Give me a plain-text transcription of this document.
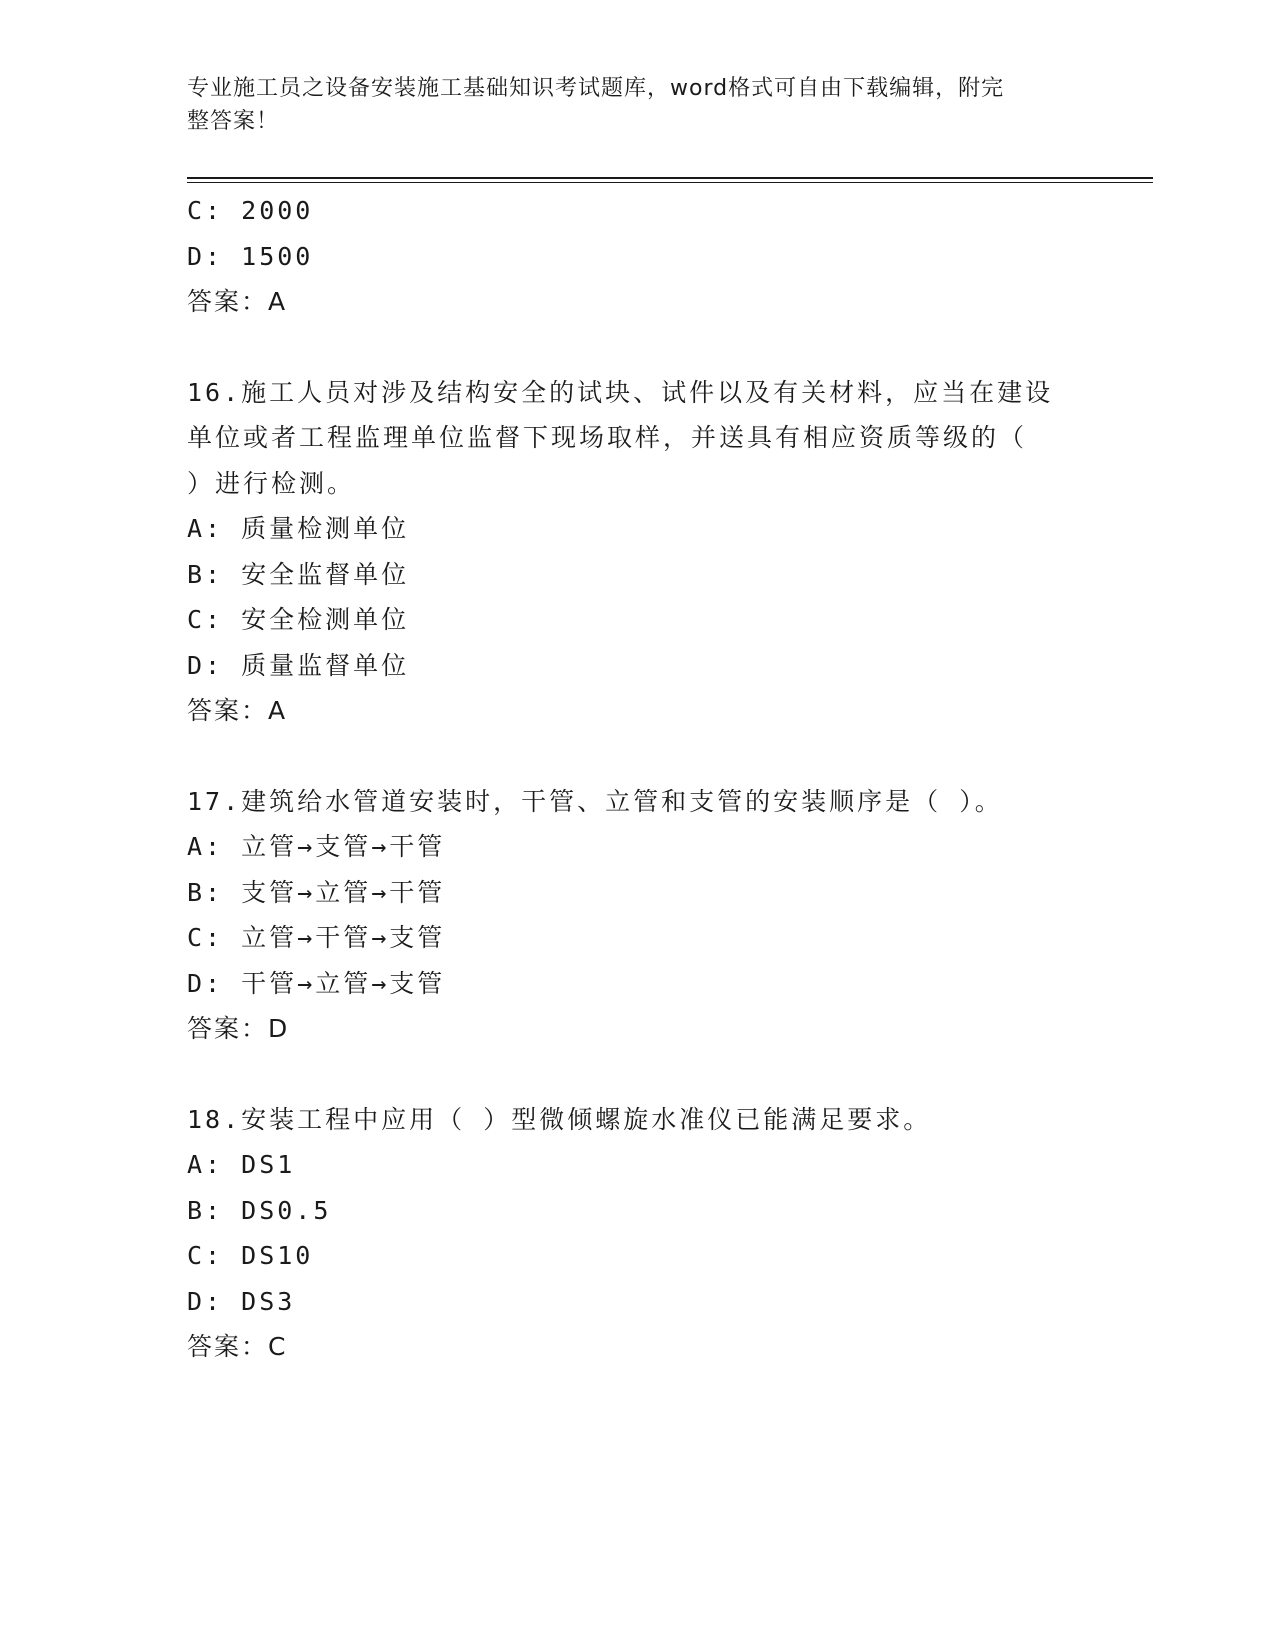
专业施工员之设备安装施工基础知识考试题库，word格式可自由下载编辑，附完
整答案！
C: 2000
D: 1500
答案：A
16.施工人员对涉及结构安全的试块、试件以及有关材料，应当在建设
单位或者工程监理单位监督下现场取样，并送具有相应资质等级的（
）进行检测。
A: 质量检测单位
B: 安全监督单位
C: 安全检测单位
D: 质量监督单位
答案：A
17.建筑给水管道安装时，干管、立管和支管的安装顺序是（ ）。
A: 立管→支管→干管
B: 支管→立管→干管
C: 立管→干管→支管
D: 干管→立管→支管
答案：D
18.安装工程中应用（ ）型微倾螺旋水准仪已能满足要求。
A: DS1
B: DS0.5
C: DS10
D: DS3
答案：C
